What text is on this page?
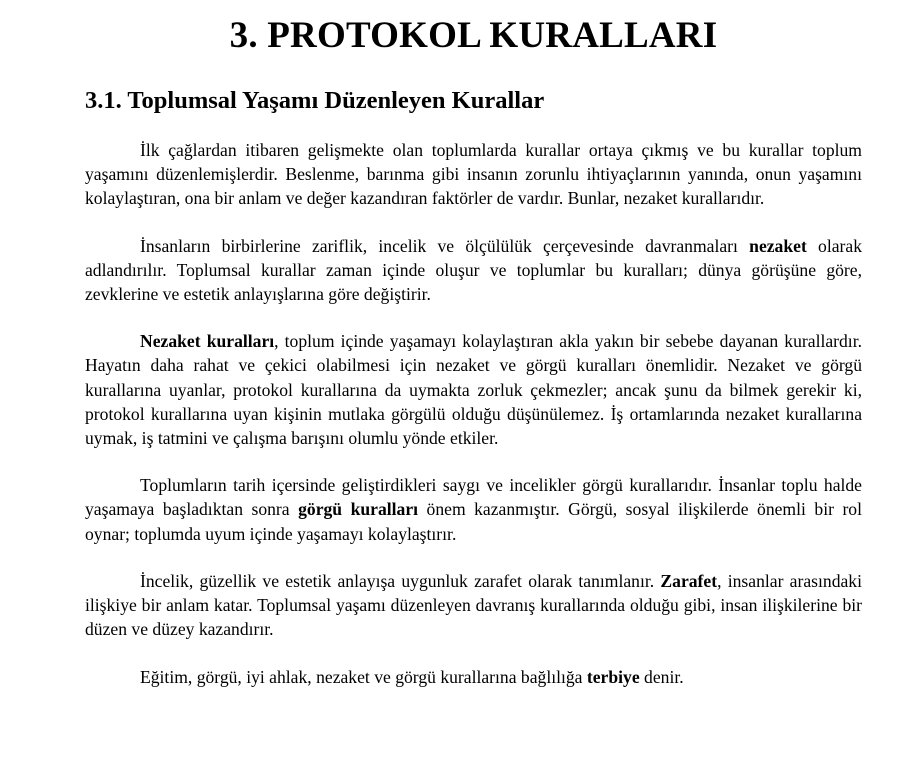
3. PROTOKOL KURALLARI
3.1. Toplumsal Yaşamı Düzenleyen Kurallar

İlk çağlardan itibaren gelişmekte olan toplumlarda kurallar ortaya çıkmış ve bu kurallar toplum yaşamını düzenlemişlerdir. Beslenme, barınma gibi insanın zorunlu ihtiyaçlarının yanında, onun yaşamını kolaylaştıran, ona bir anlam ve değer kazandıran faktörler de vardır. Bunlar, nezaket kurallarıdır.

İnsanların birbirlerine zariflik, incelik ve ölçülülük çerçevesinde davranmaları nezaket olarak adlandırılır. Toplumsal kurallar zaman içinde oluşur ve toplumlar bu kuralları; dünya görüşüne göre, zevklerine ve estetik anlayışlarına göre değiştirir.

Nezaket kuralları, toplum içinde yaşamayı kolaylaştıran akla yakın bir sebebe dayanan kurallardır. Hayatın daha rahat ve çekici olabilmesi için nezaket ve görgü kuralları önemlidir. Nezaket ve görgü kurallarına uyanlar, protokol kurallarına da uymakta zorluk çekmezler; ancak şunu da bilmek gerekir ki, protokol kurallarına uyan kişinin mutlaka görgülü olduğu düşünülemez. İş ortamlarında nezaket kurallarına uymak, iş tatmini ve çalışma barışını olumlu yönde etkiler.

Toplumların tarih içersinde geliştirdikleri saygı ve incelikler görgü kurallarıdır. İnsanlar toplu halde yaşamaya başladıktan sonra görgü kuralları önem kazanmıştır. Görgü, sosyal ilişkilerde önemli bir rol oynar; toplumda uyum içinde yaşamayı kolaylaştırır.

İncelik, güzellik ve estetik anlayışa uygunluk zarafet olarak tanımlanır. Zarafet, insanlar arasındaki ilişkiye bir anlam katar. Toplumsal yaşamı düzenleyen davranış kurallarında olduğu gibi, insan ilişkilerine bir düzen ve düzey kazandırır.

Eğitim, görgü, iyi ahlak, nezaket ve görgü kurallarına bağlılığa terbiye denir.
